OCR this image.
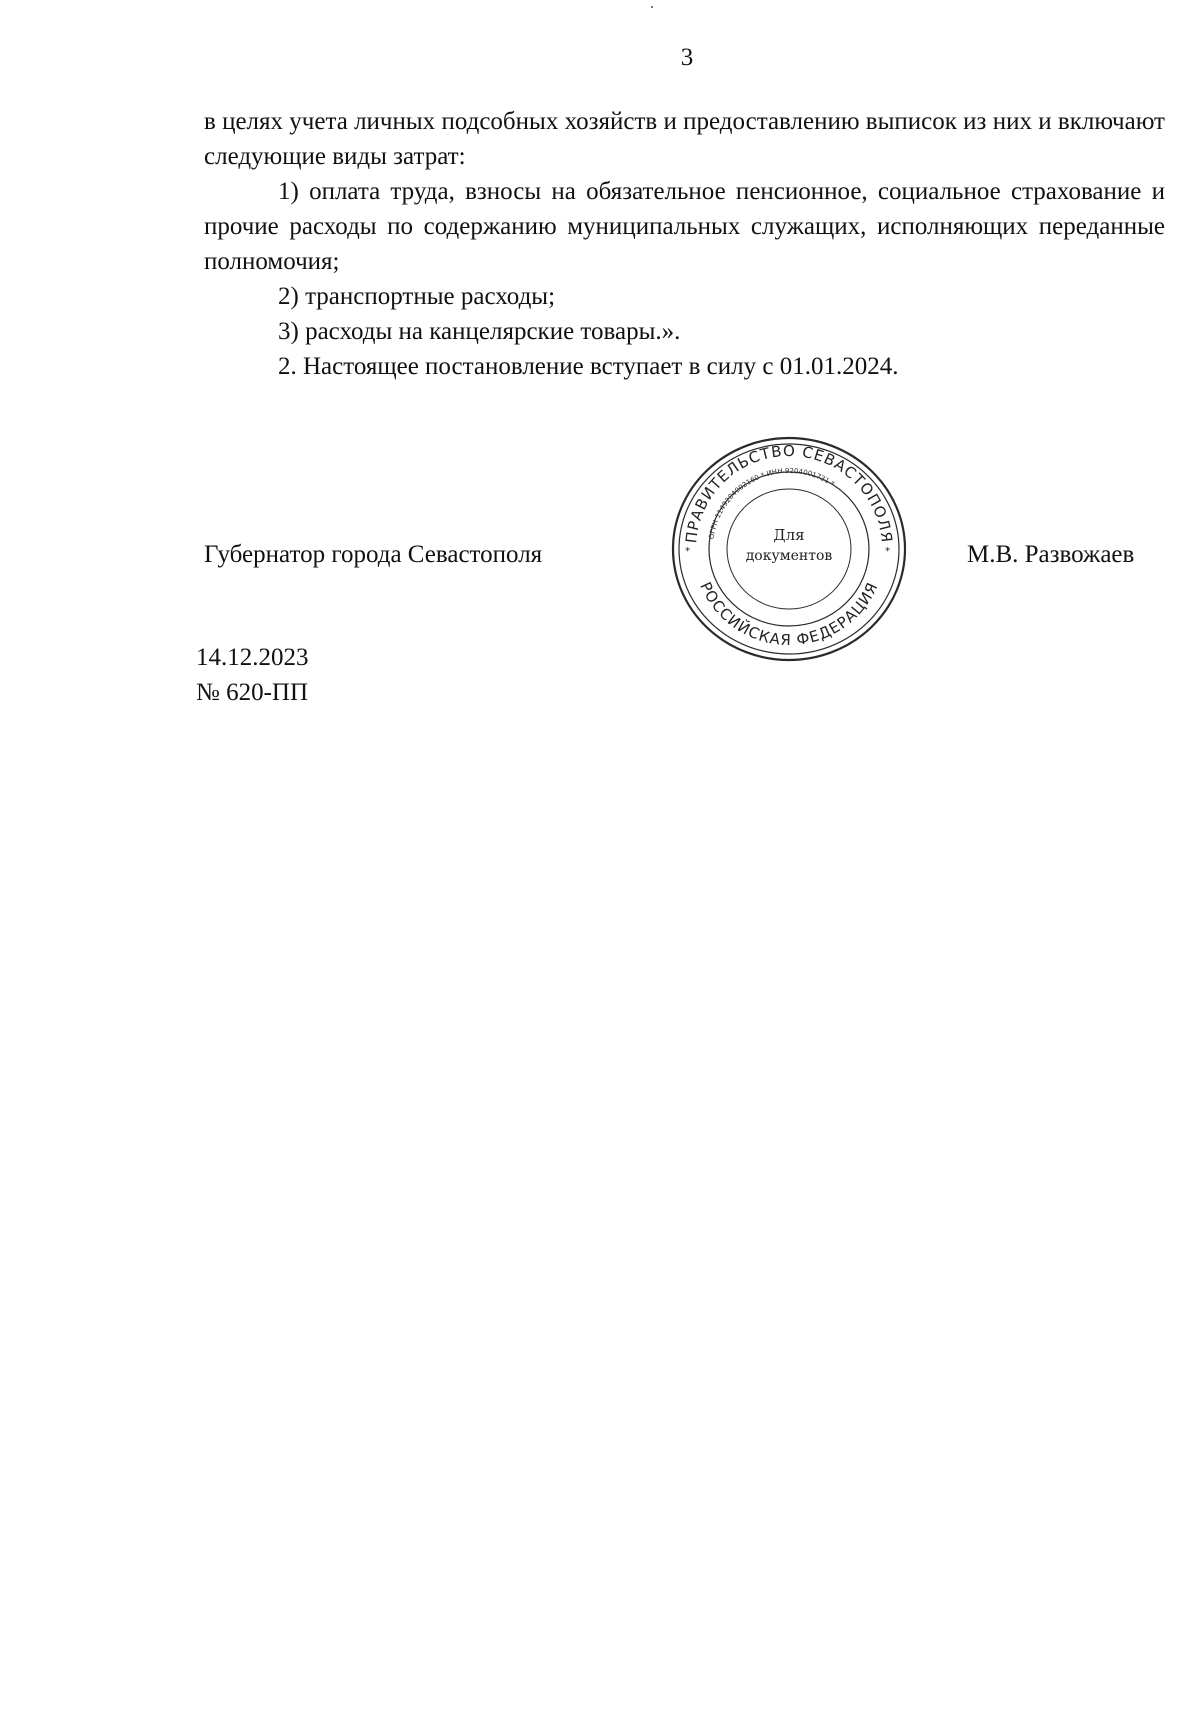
3

в целях учета личных подсобных хозяйств и предоставлению выписок из них и включают следующие виды затрат:

1) оплата труда, взносы на обязательное пенсионное, социальное страхование и прочие расходы по содержанию муниципальных служащих, исполняющих переданные полномочия;

2) транспортные расходы;

3) расходы на канцелярские товары.».

2. Настоящее постановление вступает в силу с 01.01.2024.

Губернатор города Севастополя	М.В. Развожаев
ПРАВИТЕЛЬСТВО СЕВАСТОПОЛЯ
РОССИЙСКАЯ ФЕДЕРАЦИЯ
ОГРН 1149204002160 * ИНН 9204001731 *
Для
документов
*	*
14.12.2023
№ 620-ПП
